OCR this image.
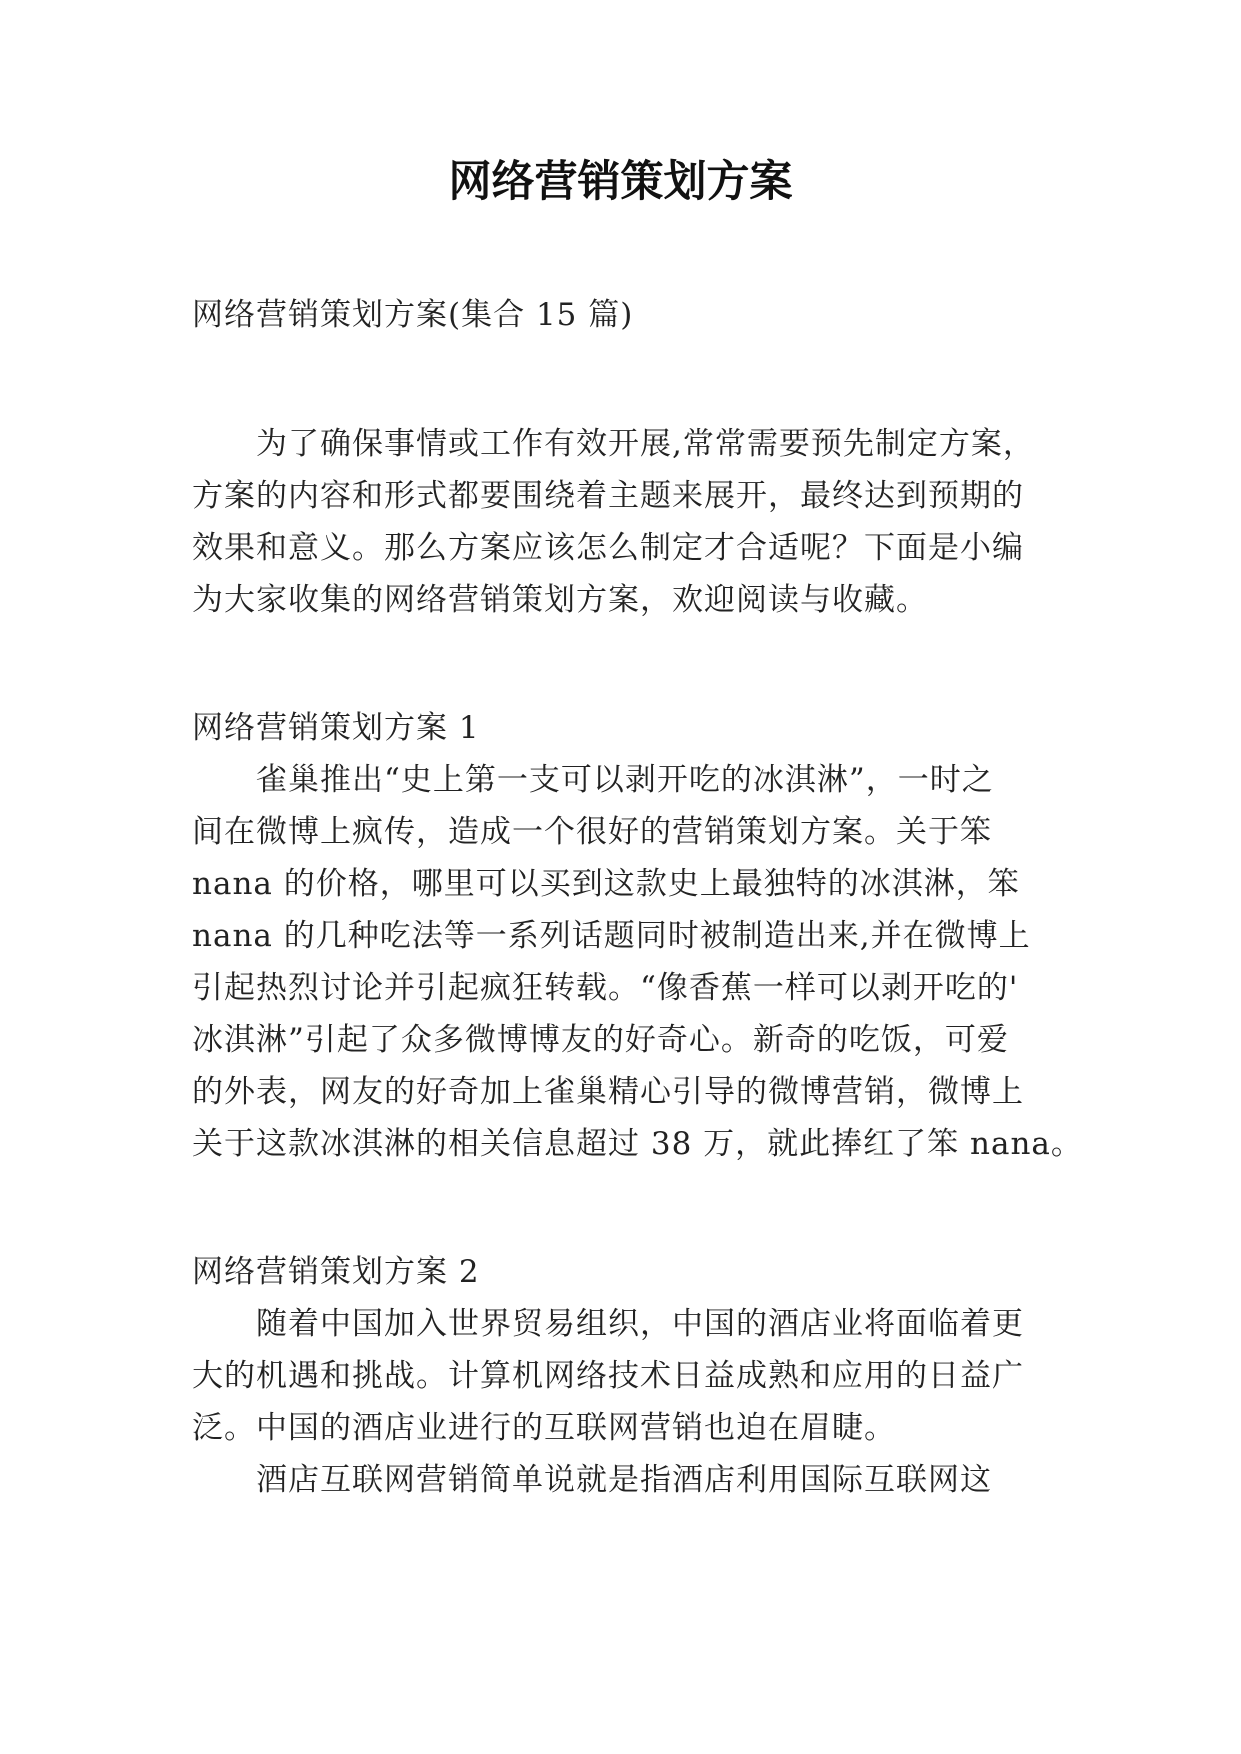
网络营销策划方案

网络营销策划方案(集合 15 篇)

　　为了确保事情或工作有效开展,常常需要预先制定方案，

方案的内容和形式都要围绕着主题来展开，最终达到预期的

效果和意义。那么方案应该怎么制定才合适呢？下面是小编

为大家收集的网络营销策划方案，欢迎阅读与收藏。

网络营销策划方案 1

　　雀巢推出“史上第一支可以剥开吃的冰淇淋”，一时之

间在微博上疯传，造成一个很好的营销策划方案。关于笨

nana 的价格，哪里可以买到这款史上最独特的冰淇淋，笨

nana 的几种吃法等一系列话题同时被制造出来,并在微博上

引起热烈讨论并引起疯狂转载。“像香蕉一样可以剥开吃的'

冰淇淋”引起了众多微博博友的好奇心。新奇的吃饭，可爱

的外表，网友的好奇加上雀巢精心引导的微博营销，微博上

关于这款冰淇淋的相关信息超过 38 万，就此捧红了笨 nana。

网络营销策划方案 2

　　随着中国加入世界贸易组织，中国的酒店业将面临着更

大的机遇和挑战。计算机网络技术日益成熟和应用的日益广

泛。中国的酒店业进行的互联网营销也迫在眉睫。

　　酒店互联网营销简单说就是指酒店利用国际互联网这
